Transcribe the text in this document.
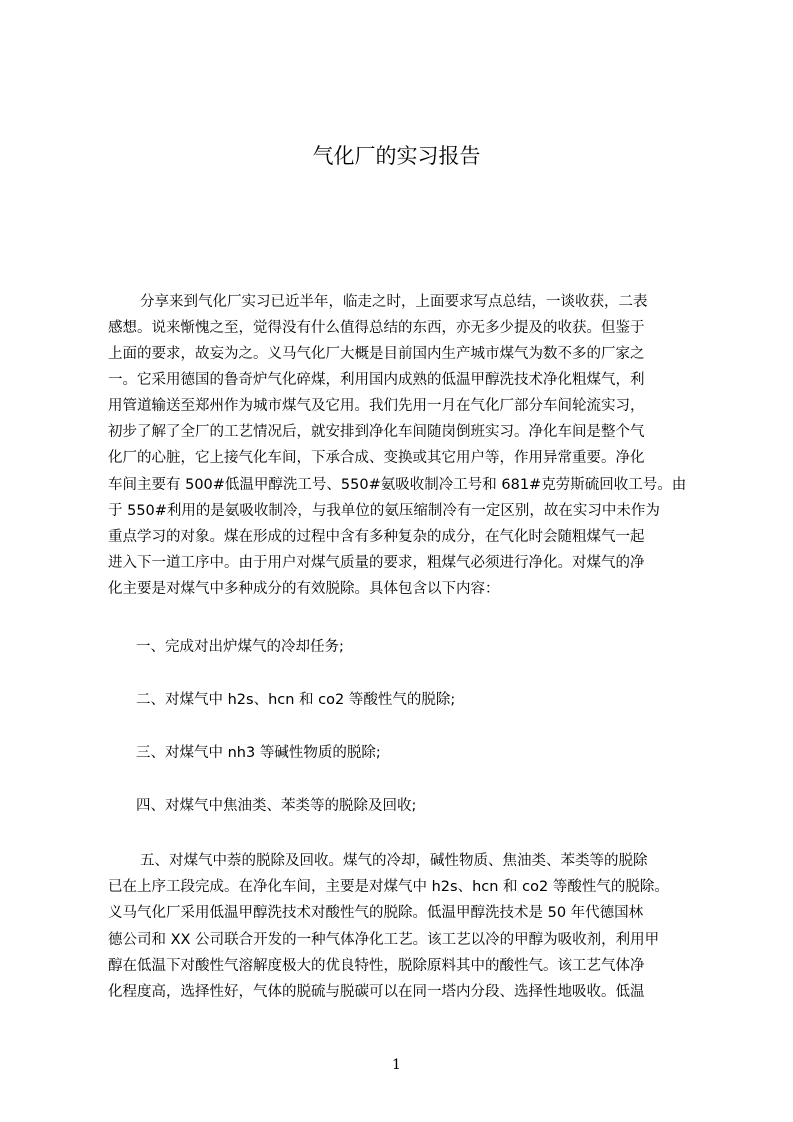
气化厂的实习报告
分享来到气化厂实习已近半年，临走之时，上面要求写点总结，一谈收获，二表
感想。说来惭愧之至，觉得没有什么值得总结的东西，亦无多少提及的收获。但鉴于
上面的要求，故妄为之。义马气化厂大概是目前国内生产城市煤气为数不多的厂家之
一。它采用德国的鲁奇炉气化碎煤，利用国内成熟的低温甲醇洗技术净化粗煤气，利
用管道输送至郑州作为城市煤气及它用。我们先用一月在气化厂部分车间轮流实习，
初步了解了全厂的工艺情况后，就安排到净化车间随岗倒班实习。净化车间是整个气
化厂的心脏，它上接气化车间，下承合成、变换或其它用户等，作用异常重要。净化
车间主要有 500#低温甲醇洗工号、550#氨吸收制冷工号和 681#克劳斯硫回收工号。由
于 550#利用的是氨吸收制冷，与我单位的氨压缩制冷有一定区别，故在实习中未作为
重点学习的对象。煤在形成的过程中含有多种复杂的成分，在气化时会随粗煤气一起
进入下一道工序中。由于用户对煤气质量的要求，粗煤气必须进行净化。对煤气的净
化主要是对煤气中多种成分的有效脱除。具体包含以下内容：
一、完成对出炉煤气的冷却任务;
二、对煤气中 h2s、hcn 和 co2 等酸性气的脱除;
三、对煤气中 nh3 等碱性物质的脱除;
四、对煤气中焦油类、苯类等的脱除及回收;
五、对煤气中萘的脱除及回收。煤气的冷却，碱性物质、焦油类、苯类等的脱除
已在上序工段完成。在净化车间，主要是对煤气中 h2s、hcn 和 co2 等酸性气的脱除。
义马气化厂采用低温甲醇洗技术对酸性气的脱除。低温甲醇洗技术是 50 年代德国林
德公司和 XX 公司联合开发的一种气体净化工艺。该工艺以冷的甲醇为吸收剂，利用甲
醇在低温下对酸性气溶解度极大的优良特性，脱除原料其中的酸性气。该工艺气体净
化程度高，选择性好，气体的脱硫与脱碳可以在同一塔内分段、选择性地吸收。低温
1
